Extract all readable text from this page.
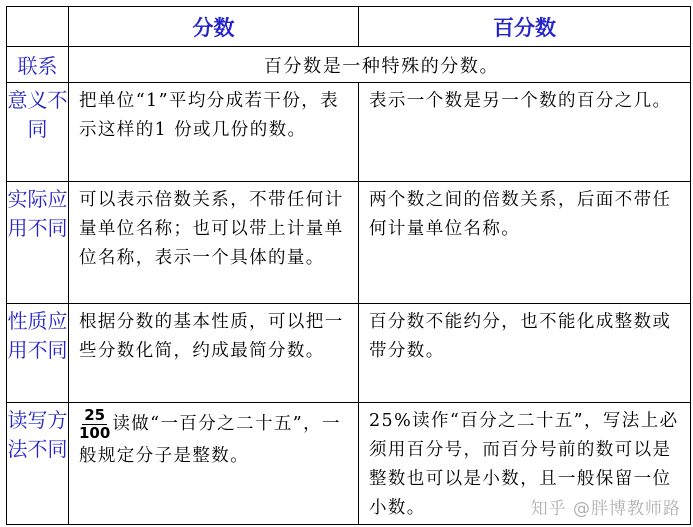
	分数	百分数
联系	百分数是一种特殊的分数。	
意义不同	把单位“1”平均分成若干份，表示这样的1 份或几份的数。	表示一个数是另一个数的百分之几。
实际应用不同	可以表示倍数关系，不带任何计量单位名称；也可以带上计量单位名称，表示一个具体的量。	两个数之间的倍数关系，后面不带任何计量单位名称。
性质应用不同	根据分数的基本性质，可以把一些分数化简，约成最简分数。	百分数不能约分，也不能化成整数或带分数。
读写方法不同	$\frac{25}{100}$ 读做“一百分之二十五”，一般规定分子是整数。	25%读作“百分之二十五”，写法上必须用百分号，而百分号前的数可以是整数也可以是小数，且一般保留一位小数。	知乎 @胖博教师路
